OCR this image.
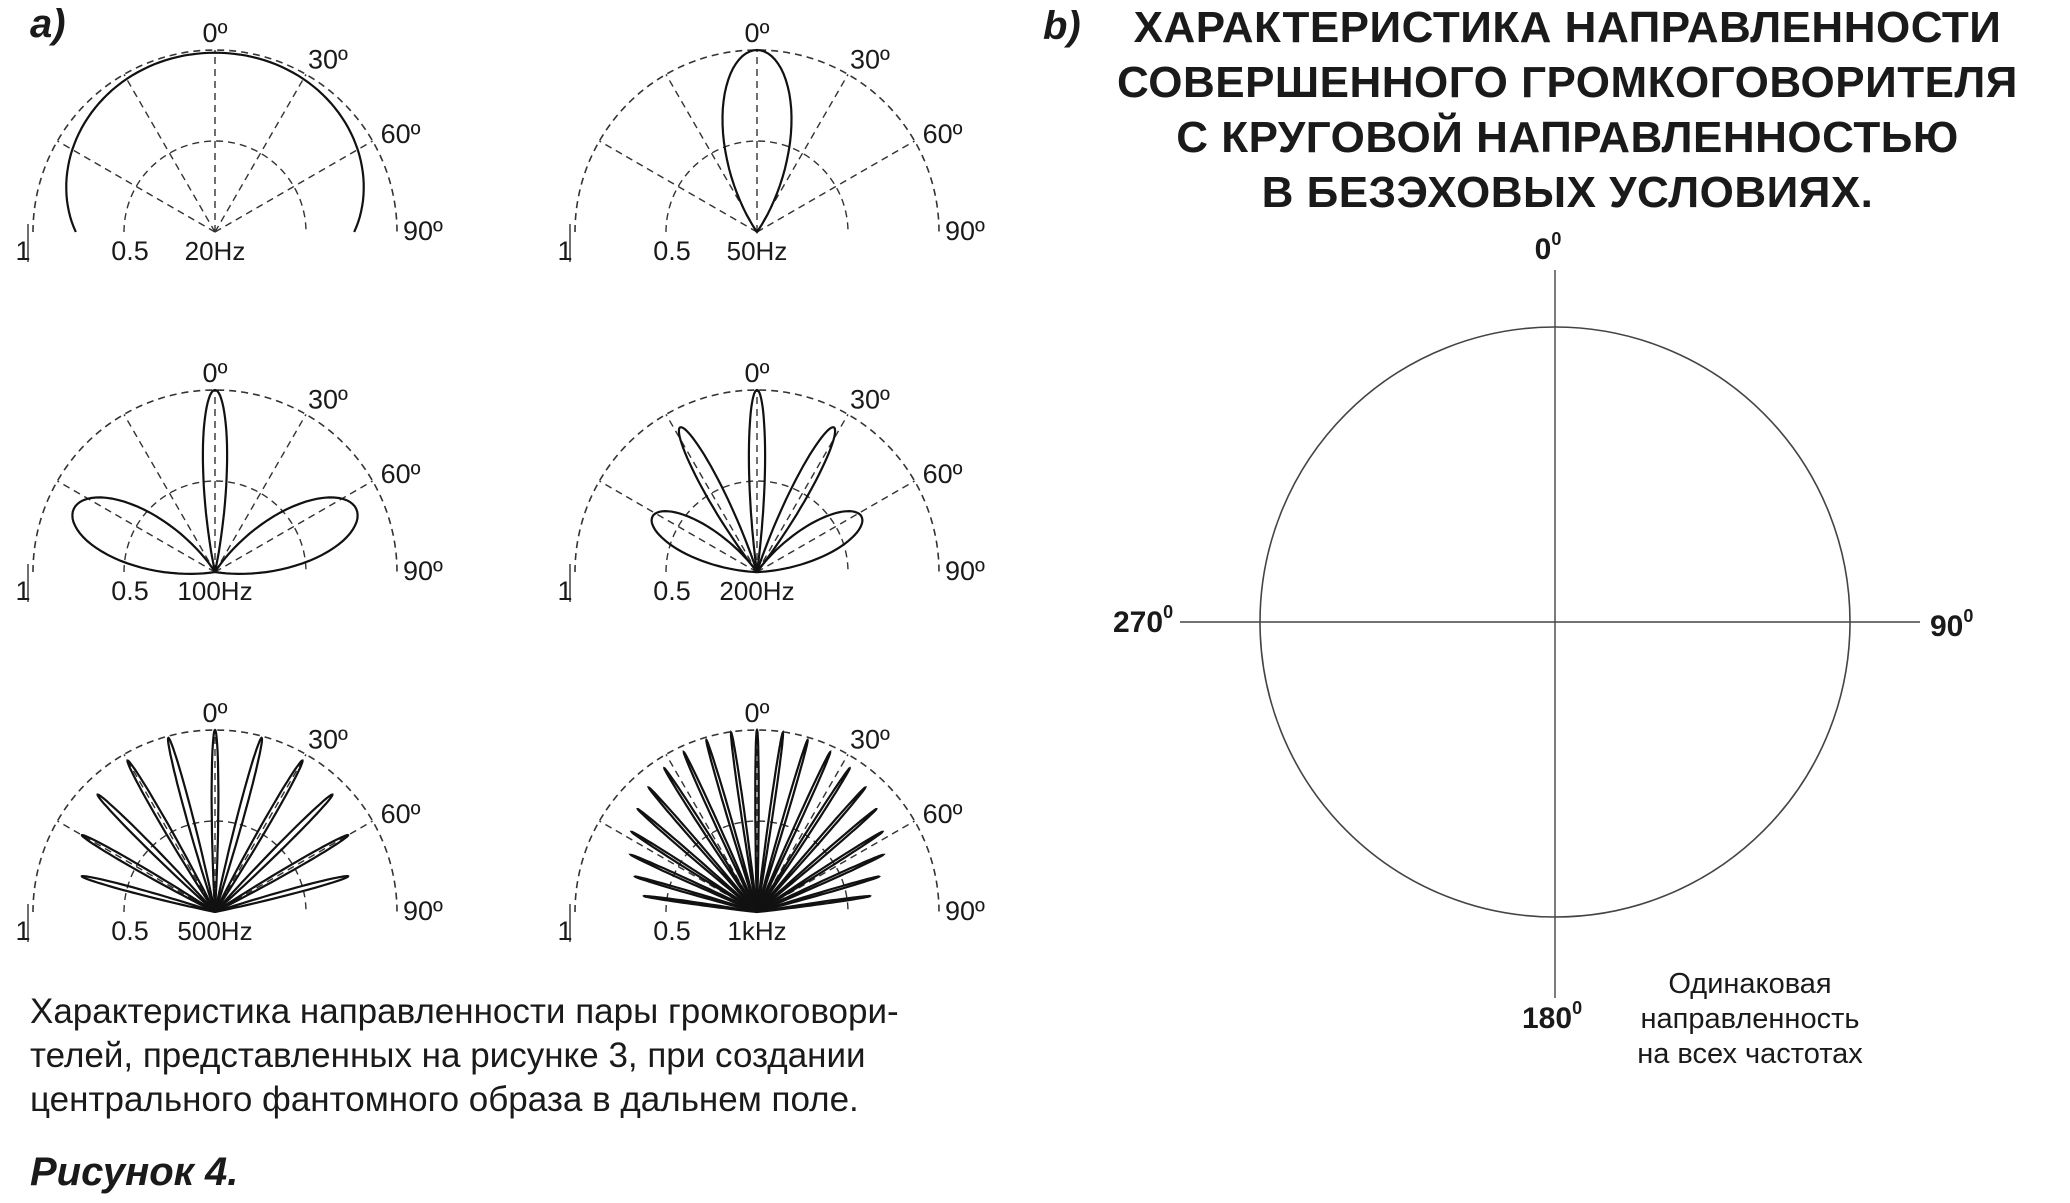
a)	b)	ХАРАКТЕРИСТИКА НАПРАВЛЕННОСТИ
СОВЕРШЕННОГО ГРОМКОГОВОРИТЕЛЯ
С КРУГОВОЙ НАПРАВЛЕННОСТЬЮ
В БЕЗЭХОВЫХ УСЛОВИЯХ.
0º
30º
60º
90º
1	0.5 20Hz
0º
30º
60º
90º
1	0.5 50Hz
0º
30º
60º
90º
1	0.5 100Hz
0º
30º
60º
90º
1	0.5 200Hz
0º
30º
60º
90º
1	0.5 500Hz
0º
30º
60º
90º
1	0.5 1kHz
$0^0$
$90^0$
$180^0$
$270^0$
Одинаковая
направленность
на всех частотах
Характеристика направленности пары громкоговори-
телей, представленных на рисунке 3, при создании
центрального фантомного образа в дальнем поле.
Рисунок 4.
